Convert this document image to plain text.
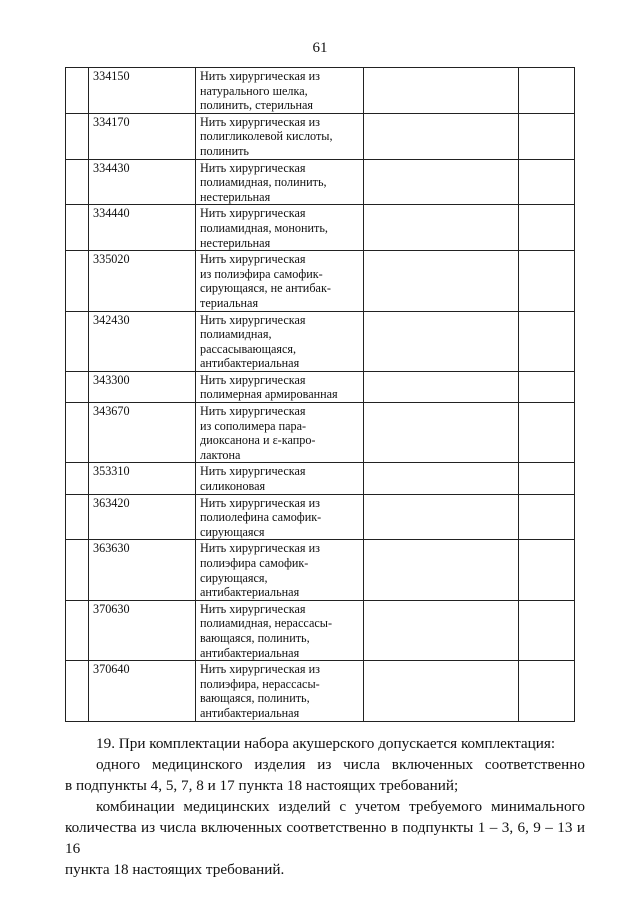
61
	334150	Нить хирургическая из
натурального шелка,
полинить, стерильная		

	334170	Нить хирургическая из
полигликолевой кислоты,
полинить		

	334430	Нить хирургическая
полиамидная, полинить,
нестерильная		

	334440	Нить хирургическая
полиамидная, мононить,
нестерильная		

	335020	Нить хирургическая
из полиэфира самофик-
сирующаяся, не антибак-
териальная		

	342430	Нить хирургическая
полиамидная,
рассасывающаяся,
антибактериальная		

	343300	Нить хирургическая
полимерная армированная		

	343670	Нить хирургическая
из сополимера пара-
диоксанона и ε-капро-
лактона		

	353310	Нить хирургическая
силиконовая		

	363420	Нить хирургическая из
полиолефина самофик-
сирующаяся		

	363630	Нить хирургическая из
полиэфира самофик-
сирующаяся,
антибактериальная		

	370630	Нить хирургическая
полиамидная, нерассасы-
вающаяся, полинить,
антибактериальная		

	370640	Нить хирургическая из
полиэфира, нерассасы-
вающаяся, полинить,
антибактериальная		

19. При комплектации набора акушерского допускается комплектация:
одного медицинского изделия из числа включенных соответственно
в подпункты 4, 5, 7, 8 и 17 пункта 18 настоящих требований;
комбинации медицинских изделий с учетом требуемого минимального
количества из числа включенных соответственно в подпункты 1 – 3, 6, 9 – 13 и 16
пункта 18 настоящих требований.
